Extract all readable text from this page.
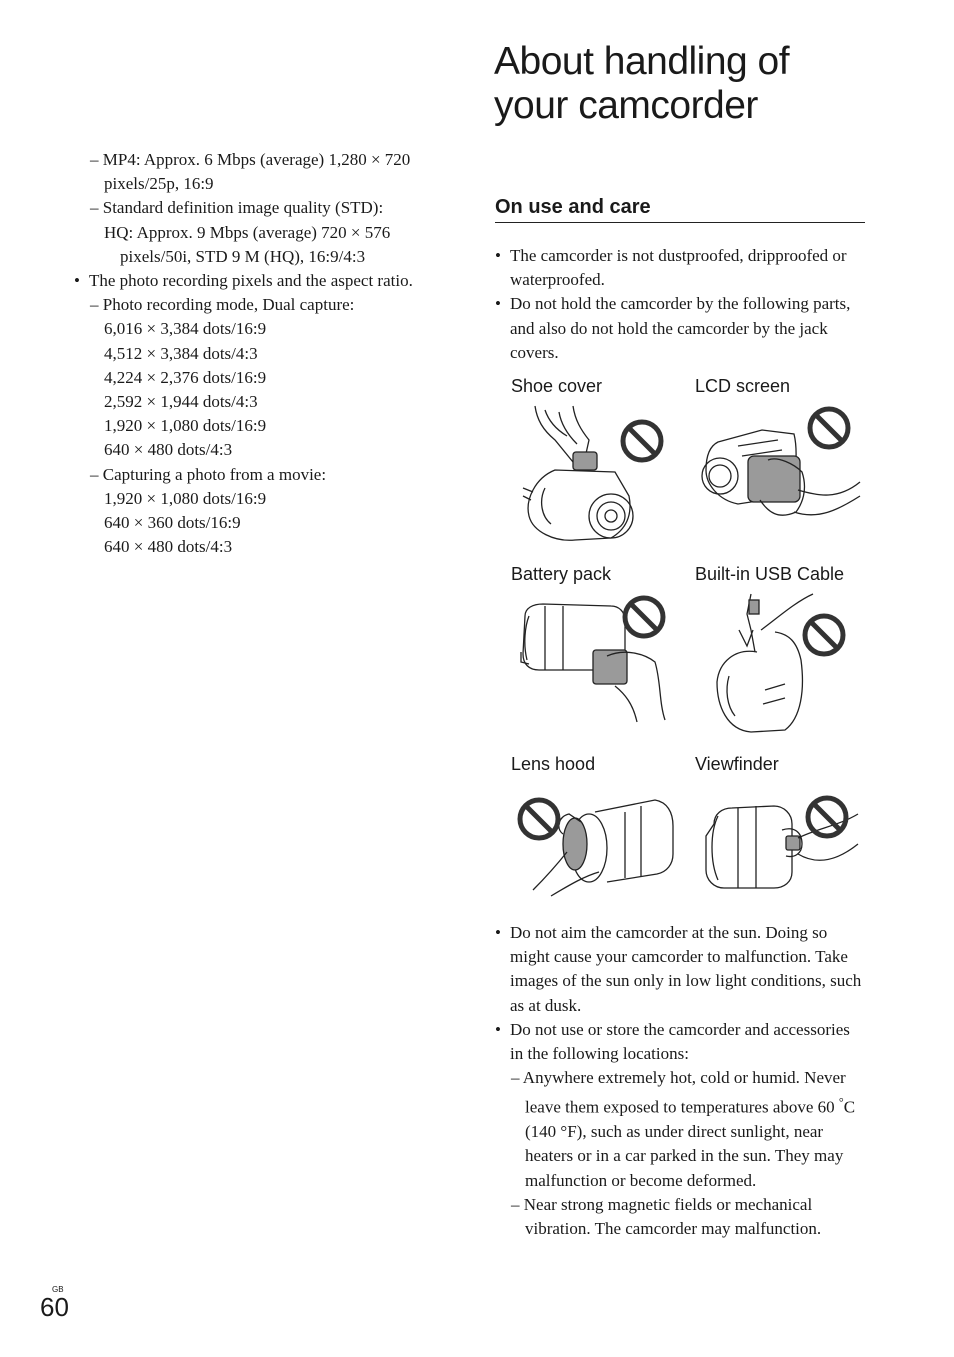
– MP4: Approx. 6 Mbps (average) 1,280 × 720

pixels/25p, 16:9

– Standard definition image quality (STD):

HQ: Approx. 9 Mbps (average) 720 × 576

pixels/50i, STD 9 M (HQ), 16:9/4:3

• The photo recording pixels and the aspect ratio.

– Photo recording mode, Dual capture:

6,016 × 3,384 dots/16:9

4,512 × 3,384 dots/4:3

4,224 × 2,376 dots/16:9

2,592 × 1,944 dots/4:3

1,920 × 1,080 dots/16:9

640 × 480 dots/4:3

– Capturing a photo from a movie:

1,920 × 1,080 dots/16:9

640 × 360 dots/16:9

640 × 480 dots/4:3

About handling of
your camcorder
On use and care

• The camcorder is not dustproofed, dripproofed or waterproofed.

• Do not hold the camcorder by the following parts, and also do not hold the camcorder by the jack covers.

Shoe cover	LCD screen
Battery pack	Built-in USB Cable
Lens hood	Viewfinder

• Do not aim the camcorder at the sun. Doing so might cause your camcorder to malfunction. Take images of the sun only in low light conditions, such as at dusk.

• Do not use or store the camcorder and accessories in the following locations:

– Anywhere extremely hot, cold or humid. Never leave them exposed to temperatures above 60 °C (140 °F), such as under direct sunlight, near heaters or in a car parked in the sun. They may malfunction or become deformed.

– Near strong magnetic fields or mechanical vibration. The camcorder may malfunction.

GB
60
